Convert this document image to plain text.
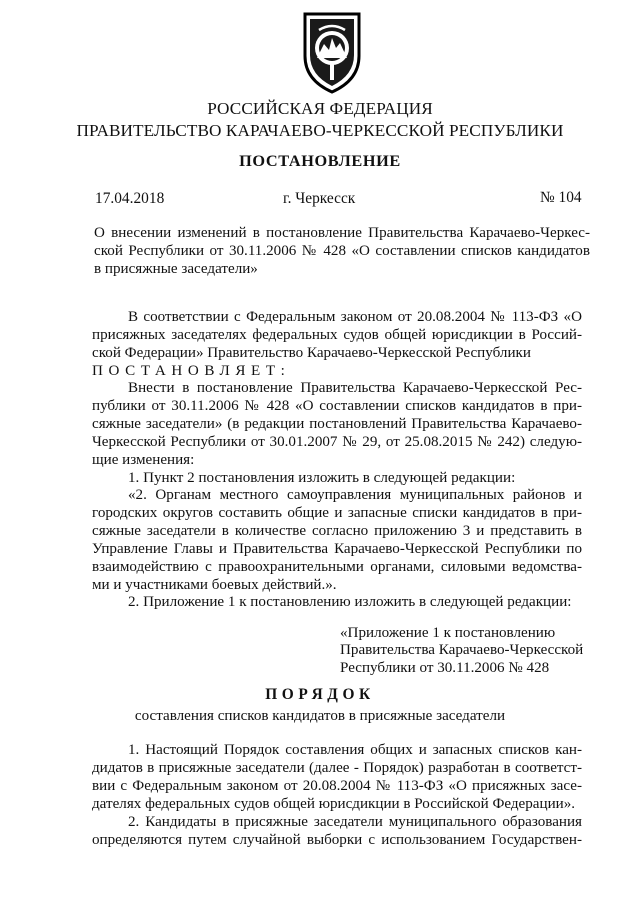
РОССИЙСКАЯ ФЕДЕРАЦИЯ
ПРАВИТЕЛЬСТВО КАРАЧАЕВО-ЧЕРКЕССКОЙ РЕСПУБЛИКИ
ПОСТАНОВЛЕНИЕ
17.04.2018	г. Черкесск	№ 104
О внесении изменений в постановление Правительства Карачаево-Черкес-
ской Республики от 30.11.2006 № 428 «О составлении списков кандидатов
в присяжные заседатели»
В соответствии с Федеральным законом от 20.08.2004 № 113-ФЗ «О
присяжных заседателях федеральных судов общей юрисдикции в Россий-
ской Федерации» Правительство Карачаево-Черкесской Республики
ПОСТАНОВЛЯЕТ:
Внести в постановление Правительства Карачаево-Черкесской Рес-
публики от 30.11.2006 № 428 «О составлении списков кандидатов в при-
сяжные заседатели» (в редакции постановлений Правительства Карачаево-
Черкесской Республики от 30.01.2007 № 29, от 25.08.2015 № 242) следую-
щие изменения:
1. Пункт 2 постановления изложить в следующей редакции:
«2. Органам местного самоуправления муниципальных районов и
городских округов составить общие и запасные списки кандидатов в при-
сяжные заседатели в количестве согласно приложению 3 и представить в
Управление Главы и Правительства Карачаево-Черкесской Республики по
взаимодействию с правоохранительными органами, силовыми ведомства-
ми и участниками боевых действий.».
2. Приложение 1 к постановлению изложить в следующей редакции:
«Приложение 1 к постановлению
Правительства Карачаево-Черкесской
Республики от 30.11.2006 № 428
ПОРЯДОК
составления списков кандидатов в присяжные заседатели
1. Настоящий Порядок составления общих и запасных списков кан-
дидатов в присяжные заседатели (далее - Порядок) разработан в соответст-
вии с Федеральным законом от 20.08.2004 № 113-ФЗ «О присяжных засе-
дателях федеральных судов общей юрисдикции в Российской Федерации».
2. Кандидаты в присяжные заседатели муниципального образования
определяются путем случайной выборки с использованием Государствен-
